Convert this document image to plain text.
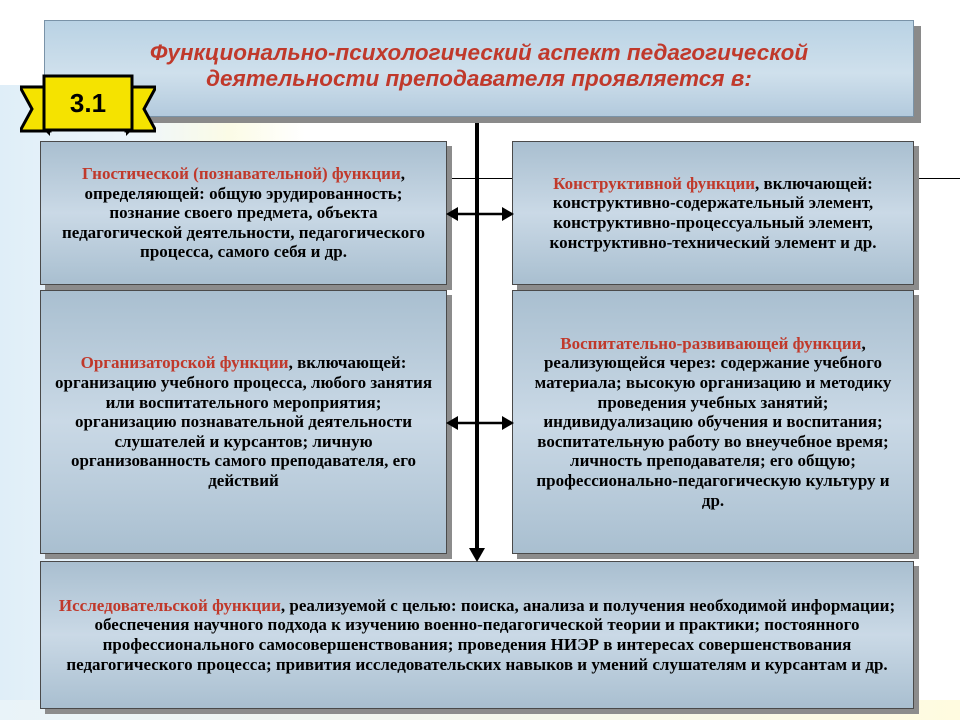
Функционально-психологический аспект педагогической
деятельности преподавателя проявляется в:
3.1

Гностической (познавательной) функции, определяющей: общую эрудированность; познание своего предмета, объекта педагогической деятельности, педагогического процесса, самого себя и др.

Конструктивной функции, включающей: конструктивно-содержательный элемент, конструктивно-процессуальный элемент, конструктивно-технический элемент и др.

Организаторской функции, включающей: организацию учебного процесса, любого занятия или воспитательного мероприятия; организацию познавательной деятельности слушателей и курсантов; личную организованность самого преподавателя, его действий

Воспитательно-развивающей функции, реализующейся через: содержание учебного материала; высокую организацию и методику проведения учебных занятий; индивидуализацию обучения и воспитания; воспитательную работу во внеучебное время; личность преподавателя; его общую; профессионально-педагогическую культуру и др.

Исследовательской функции, реализуемой с целью: поиска, анализа и получения необходимой информации; обеспечения научного подхода к изучению военно-педагогической теории и практики; постоянного профессионального самосовершенствования; проведения НИЭР в интересах совершенствования педагогического процесса; привития исследовательских навыков и умений слушателям и курсантам и др.
